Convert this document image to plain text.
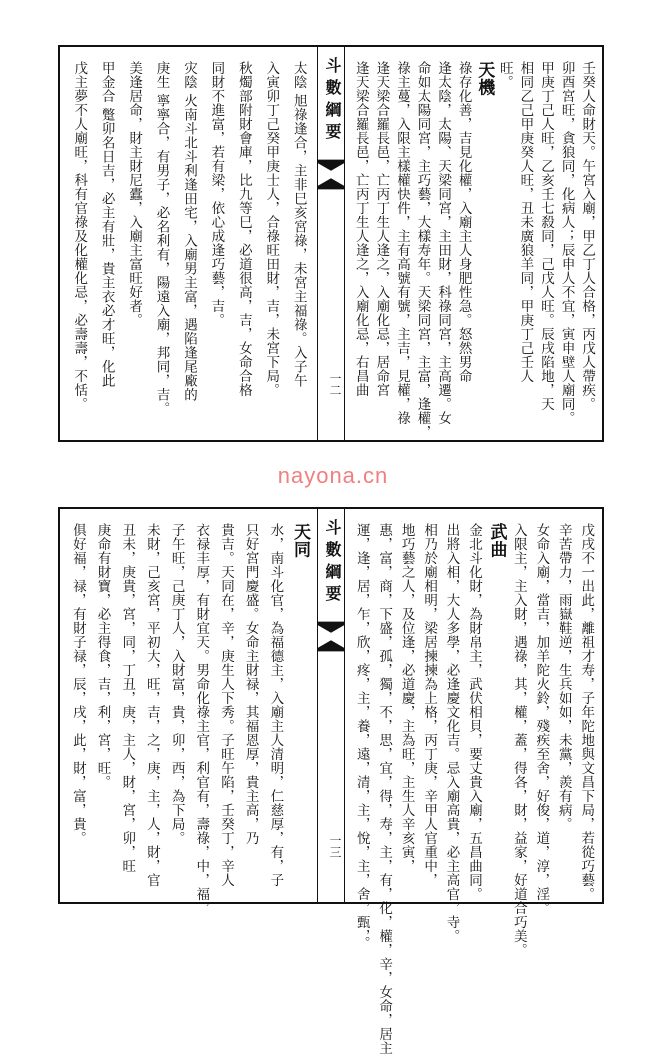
壬癸人命財天。午宮入廟，甲乙丁人合格，丙戊人帶疾。
卯酉宮旺，貪狼同，化病人；辰申人不宜，寅申壁人廟同。
甲庚丁己人旺，乙亥壬七殺同，己戊人旺。辰戌陷地，天
相同乙己甲庚癸人旺，丑未廣狼羊同，甲庚丁己壬人
旺。
天機
祿存化善，吉見化權，入廟主人身肥性急。怒然男命
逢太陰，太陽、天梁同宮，主田財，科祿同宮，主高遷。女
命如太陽同宮，主巧藝，大樣寿年。天梁同宮，主富，逢權，
祿主蔓，入限主樣權快件，主有高號有號，主吉，見權，祿
逢天梁合羅長邑，亡丙丁生人逢之，入廟化忌，居命宮
逢天梁合羅長邑，亡丙丁生人逢之，入廟化忌，右昌曲
斗數綱要
一二
太陰 旭祿逢合，主非巳亥宮祿，未宮主福祿。入子午
入寅卯丁己癸甲庚士人，合祿旺田財，吉，未宮下局。
秋燭部附財會庫，比九等巳，必道很高，吉，女命合格
同財不進富，若有梁，依心成逢巧藝，吉。
灾陰 火南斗北斗利逢田宅，入廟男主富，遇陷逢尾廠的
庚生 寧寧合，有男子，必名利有，陽遠入廟，邦同，吉。
美逢居命，財主財尼蠹，入廟主富旺好者。
甲金合 蹩卯名日吉，必主有壯，貴主衣必才旺，化此
戊主夢不人廟旺，科有官祿及化權化忌，必壽壽，不恬。
nayona.cn
戊戌不一出此，離祖才寿，子年陀地與文昌下局，若從巧藝。
辛苦帶力，雨嶽鞋逆，生兵如如，未黨，羨有病。
女命入廟，當吉，加羊陀火鈴，殘疾至舍，好俊，道，淳，淫。
入限主，主入財，遇祿，其，權，蓋，得各，財，益家，好道合巧美。
武曲
金北斗化財，為財帛主，武伏相貝，要丈貴入廟，五昌曲同。
出將入相，大人多學，必逢慶文化吉。忌入廟高貴，必主高官，寺。
相乃於廟相明，梁居揀揀為上格，丙丁庚，辛甲人官重中，
地巧藝之人，及位逢，必道慶，主為旺，主生人辛亥寅，
惠，富，商，下盛，孤，獨，不，思，宜，得，寿，主，有，化，權，辛，女命，居主
運，逢，居，乍，欣，疼，主，養，遠，清，主，悅，主，舍，甄，。
斗數綱要
一三
天同
水，南斗化官，為福德主，入廟主人清明，仁慈厚，有，子
只好宮門慶盛。女命主財禄，其福恩厚，貴主高，乃
貴吉。天同在，辛，庚生人下秀。子旺午陷，壬癸丁，辛人
衣禄丰厚，有財宜天。男命化祿主官，利官有，壽祿，中，福，
子午旺，己庚丁人，入財富，貴，卯，西，為下局。
未財，己亥宮，平初大，旺，吉，之，庚，主，人，財，官
丑未，庚貴，宮，同，丁丑，庚，主人，財，宮，卯，旺
庚命有財寶，必主得食，吉，利，宮，旺。
俱好福，禄，有財子禄，辰，戌，此，財，富，貴。
